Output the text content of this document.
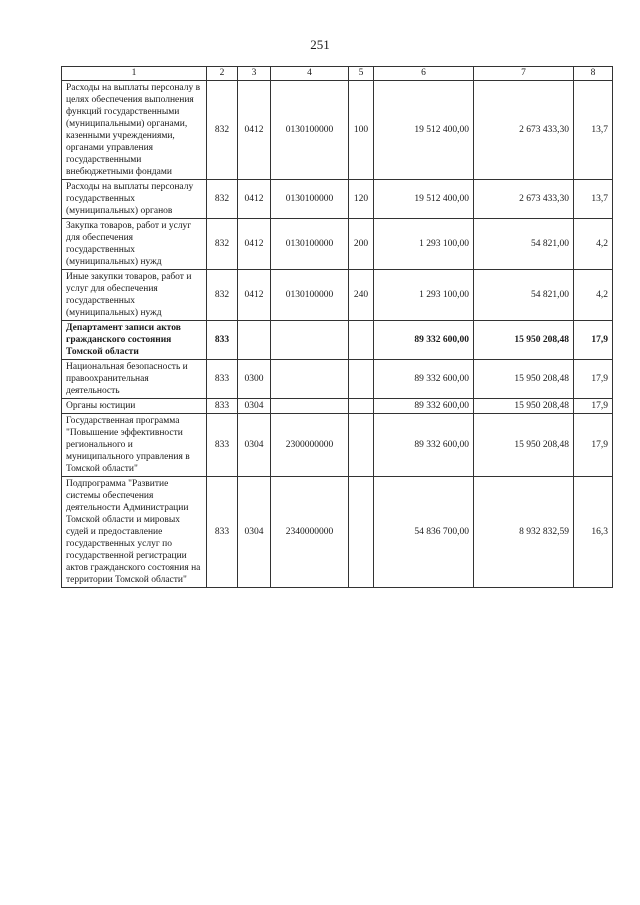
251
1	2	3	4	5	6	7	8
Расходы на выплаты персоналу в целях обеспечения выполнения функций государственными (муниципальными) органами, казенными учреждениями, органами управления государственными внебюджетными фондами	832	0412	0130100000	100	19 512 400,00	2 673 433,30	13,7
Расходы на выплаты персоналу государственных (муниципальных) органов	832	0412	0130100000	120	19 512 400,00	2 673 433,30	13,7
Закупка товаров, работ и услуг для обеспечения государственных (муниципальных) нужд	832	0412	0130100000	200	1 293 100,00	54 821,00	4,2
Иные закупки товаров, работ и услуг для обеспечения государственных (муниципальных) нужд	832	0412	0130100000	240	1 293 100,00	54 821,00	4,2
Департамент записи актов гражданского состояния Томской области	833				89 332 600,00	15 950 208,48	17,9
Национальная безопасность и правоохранительная деятельность	833	0300			89 332 600,00	15 950 208,48	17,9
Органы юстиции	833	0304			89 332 600,00	15 950 208,48	17,9
Государственная программа "Повышение эффективности регионального и муниципального управления в Томской области"	833	0304	2300000000		89 332 600,00	15 950 208,48	17,9
Подпрограмма "Развитие системы обеспечения деятельности Администрации Томской области и мировых судей и предоставление государственных услуг по государственной регистрации актов гражданского состояния на территории Томской области"	833	0304	2340000000		54 836 700,00	8 932 832,59	16,3
